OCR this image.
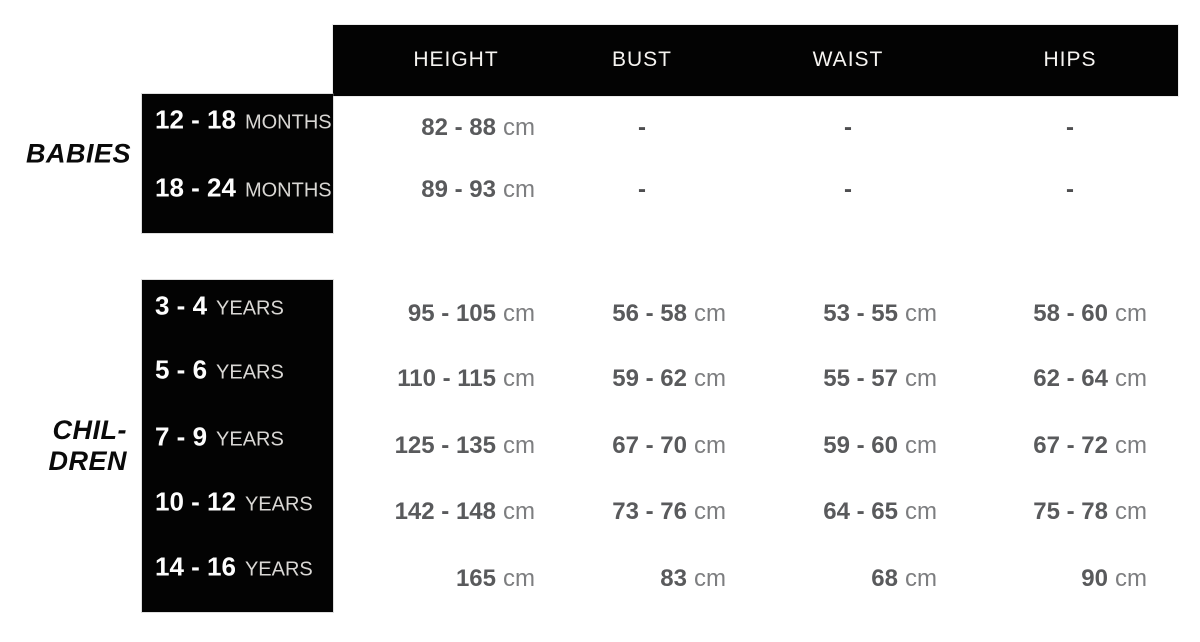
BABIES
CHIL-
DREN
12 - 18 MONTHS	82 - 88 cm	-	-	-
18 - 24 MONTHS	89 - 93 cm	-	-	-
3 - 4 YEARS	95 - 105 cm	56 - 58 cm	53 - 55 cm	58 - 60 cm
5 - 6 YEARS	110 - 115 cm	59 - 62 cm	55 - 57 cm	62 - 64 cm
7 - 9 YEARS	125 - 135 cm	67 - 70 cm	59 - 60 cm	67 - 72 cm
10 - 12 YEARS	142 - 148 cm	73 - 76 cm	64 - 65 cm	75 - 78 cm
14 - 16 YEARS	165 cm	83 cm	68 cm	90 cm
HEIGHT	BUST	WAIST	HIPS
